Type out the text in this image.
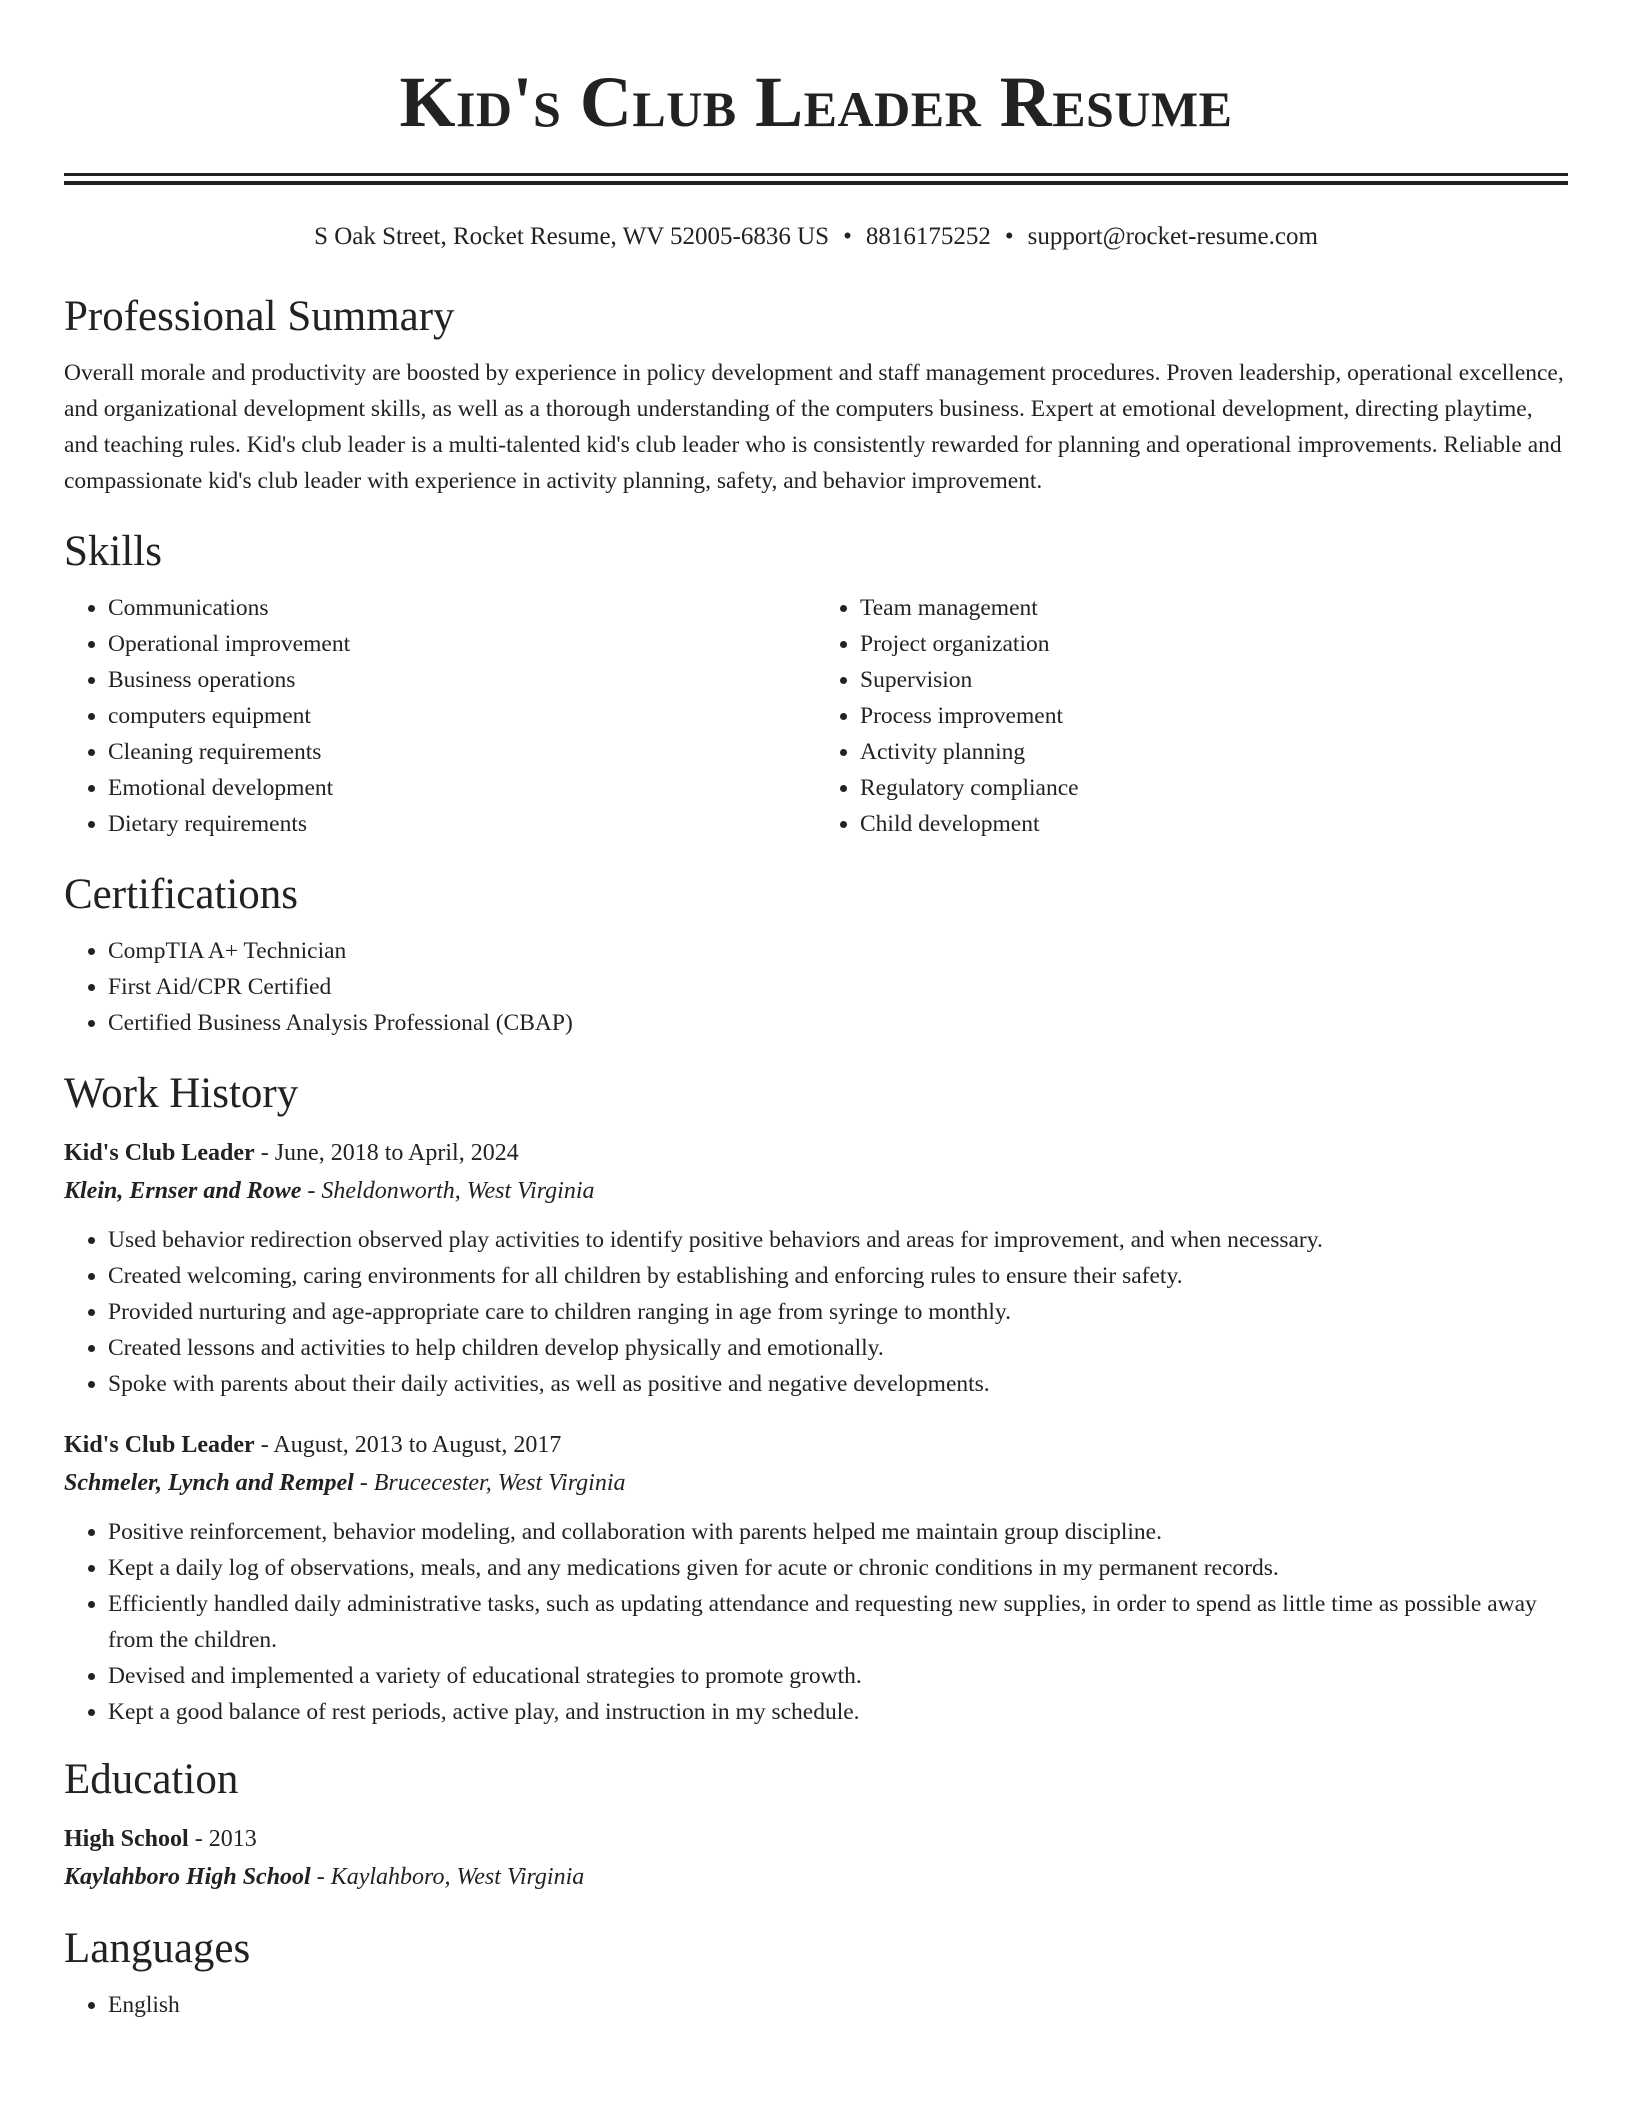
Kid's Club Leader Resume
S Oak Street, Rocket Resume, WV 52005-6836 US • 8816175252 • support@rocket-resume.com
Professional Summary

Overall morale and productivity are boosted by experience in policy development and staff management procedures. Proven leadership, operational excellence, and organizational development skills, as well as a thorough understanding of the computers business. Expert at emotional development, directing playtime, and teaching rules. Kid's club leader is a multi-talented kid's club leader who is consistently rewarded for planning and operational improvements. Reliable and compassionate kid's club leader with experience in activity planning, safety, and behavior improvement.

Skills
• Communications
• Operational improvement
• Business operations
• computers equipment
• Cleaning requirements
• Emotional development
• Dietary requirements
• Team management
• Project organization
• Supervision
• Process improvement
• Activity planning
• Regulatory compliance
• Child development
Certifications
• CompTIA A+ Technician
• First Aid/CPR Certified
• Certified Business Analysis Professional (CBAP)
Work History
Kid's Club Leader - June, 2018 to April, 2024
Klein, Ernser and Rowe - Sheldonworth, West Virginia
• Used behavior redirection observed play activities to identify positive behaviors and areas for improvement, and when necessary.
• Created welcoming, caring environments for all children by establishing and enforcing rules to ensure their safety.
• Provided nurturing and age-appropriate care to children ranging in age from syringe to monthly.
• Created lessons and activities to help children develop physically and emotionally.
• Spoke with parents about their daily activities, as well as positive and negative developments.
Kid's Club Leader - August, 2013 to August, 2017
Schmeler, Lynch and Rempel - Brucecester, West Virginia
• Positive reinforcement, behavior modeling, and collaboration with parents helped me maintain group discipline.
• Kept a daily log of observations, meals, and any medications given for acute or chronic conditions in my permanent records.
• Efficiently handled daily administrative tasks, such as updating attendance and requesting new supplies, in order to spend as little time as possible away from the children.
• Devised and implemented a variety of educational strategies to promote growth.
• Kept a good balance of rest periods, active play, and instruction in my schedule.
Education
High School - 2013
Kaylahboro High School - Kaylahboro, West Virginia
Languages
• English
